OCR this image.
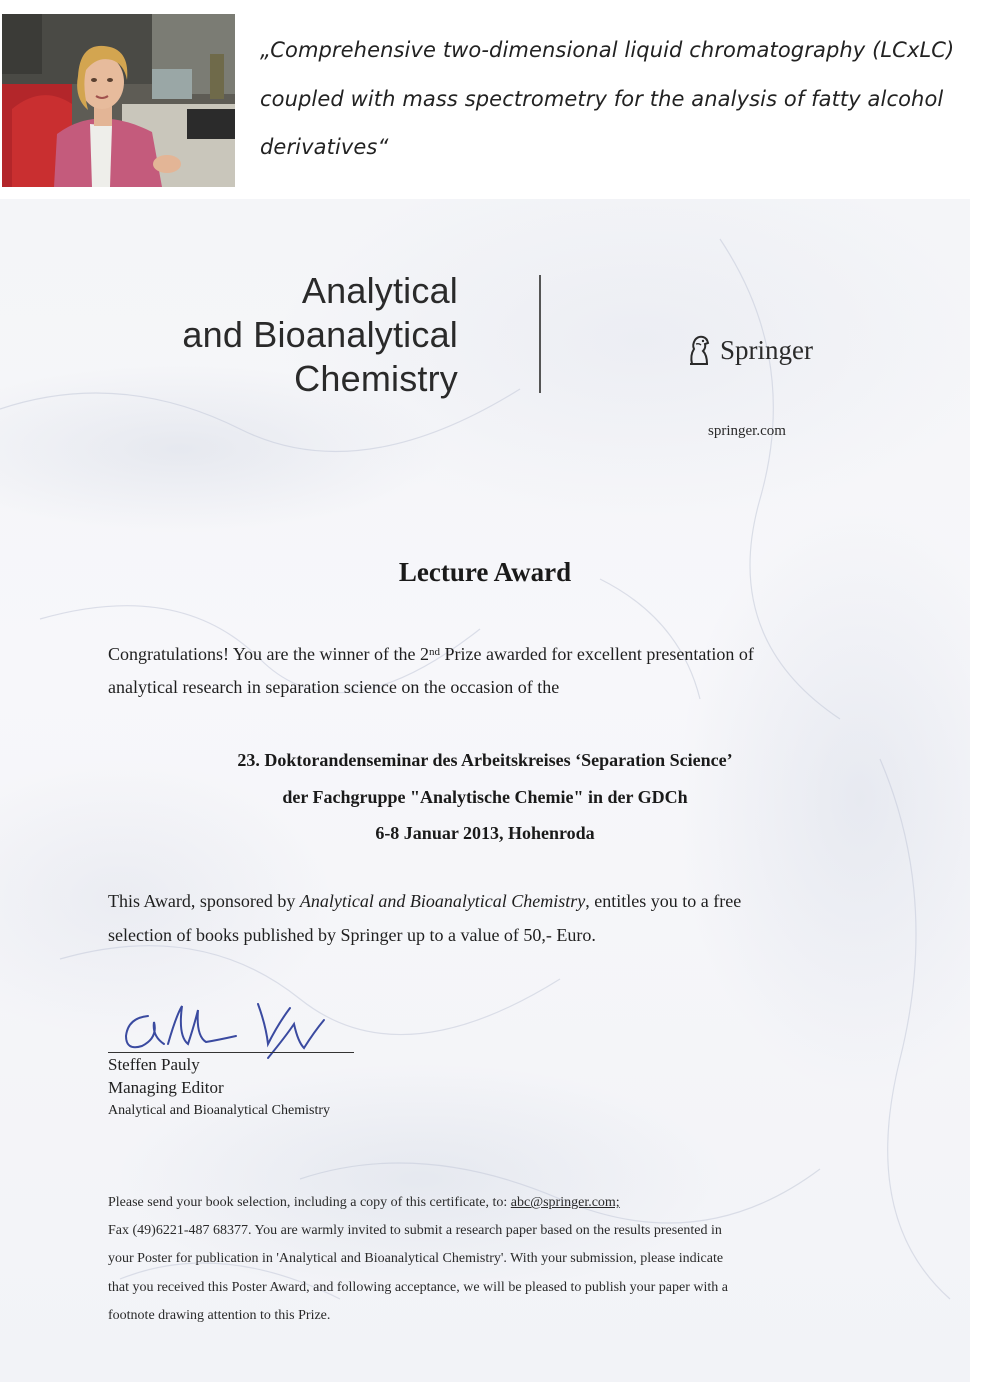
„Comprehensive two-dimensional liquid chromatography (LCxLC)
coupled with mass spectrometry for the analysis of fatty alcohol
derivatives“
Analytical
and Bioanalytical
Chemistry
Springer
springer.com
Lecture Award
Congratulations! You are the winner of the 2nd Prize awarded for excellent presentation of
analytical research in separation science on the occasion of the
23. Doktorandenseminar des Arbeitskreises ‘Separation Science’
der Fachgruppe "Analytische Chemie" in der GDCh
6-8 Januar 2013, Hohenroda
This Award, sponsored by Analytical and Bioanalytical Chemistry, entitles you to a free
selection of books published by Springer up to a value of 50,- Euro.
Steffen Pauly
Managing Editor
Analytical and Bioanalytical Chemistry
Please send your book selection, including a copy of this certificate, to: abc@springer.com;
Fax (49)6221-487 68377. You are warmly invited to submit a research paper based on the results presented in
your Poster for publication in 'Analytical and Bioanalytical Chemistry'. With your submission, please indicate
that you received this Poster Award, and following acceptance, we will be pleased to publish your paper with a
footnote drawing attention to this Prize.
